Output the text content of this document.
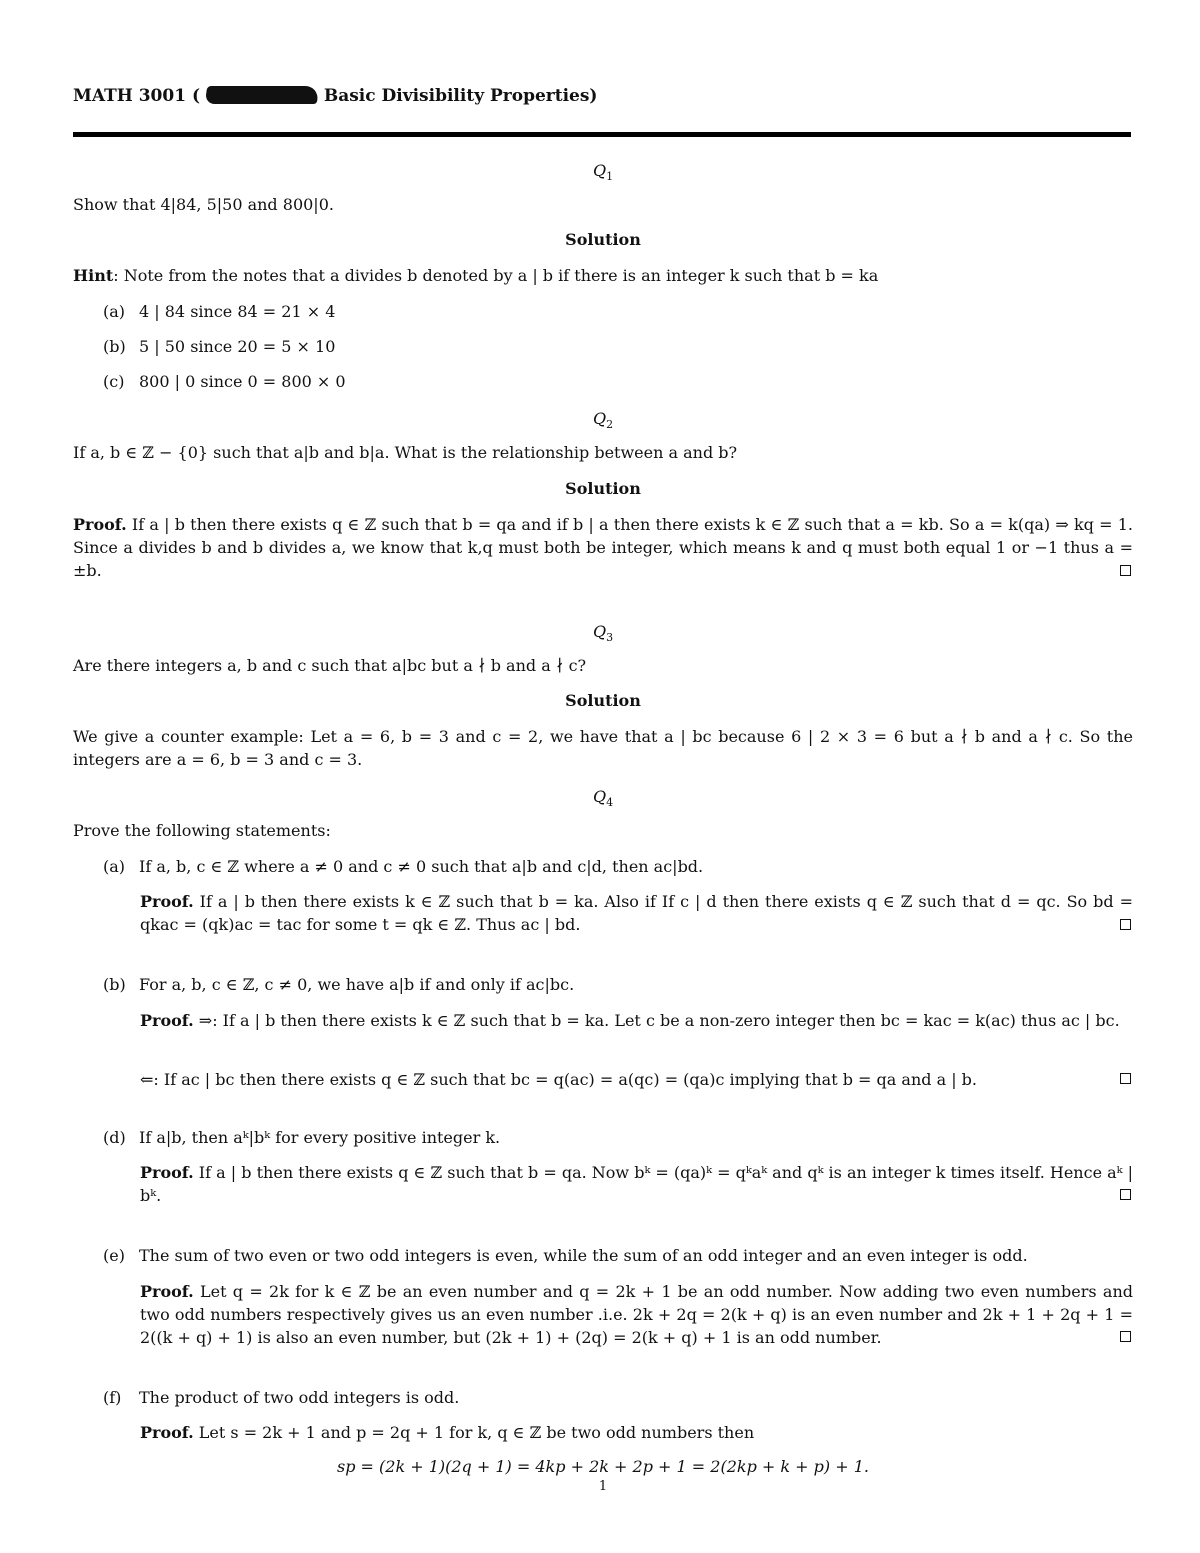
MATH 3001 (	Basic Divisibility Properties)
$Q_1$
Show that 4|84, 5|50 and 800|0.
Solution
Hint: Note from the notes that a divides b denoted by a | b if there is an integer k such that b = ka
(a) 4 | 84 since 84 = 21 × 4
(b) 5 | 50 since 20 = 5 × 10
(c) 800 | 0 since 0 = 800 × 0
$Q_2$
If a, b ∈ ℤ − {0} such that a|b and b|a. What is the relationship between a and b?
Solution
Proof. If a | b then there exists q ∈ ℤ such that b = qa and if b | a then there exists k ∈ ℤ such that a = kb. So a = k(qa) ⇒ kq = 1. Since a divides b and b divides a, we know that k,q must both be integer, which means k and q must both equal 1 or −1 thus a = ±b.
$Q_3$
Are there integers a, b and c such that a|bc but a ∤ b and a ∤ c?
Solution
We give a counter example: Let a = 6, b = 3 and c = 2, we have that a | bc because 6 | 2 × 3 = 6 but a ∤ b and a ∤ c. So the integers are a = 6, b = 3 and c = 3.
$Q_4$
Prove the following statements:
(a) If a, b, c ∈ ℤ where a ≠ 0 and c ≠ 0 such that a|b and c|d, then ac|bd.
Proof. If a | b then there exists k ∈ ℤ such that b = ka. Also if If c | d then there exists q ∈ ℤ such that d = qc. So bd = qkac = (qk)ac = tac for some t = qk ∈ ℤ. Thus ac | bd.
(b) For a, b, c ∈ ℤ, c ≠ 0, we have a|b if and only if ac|bc.
Proof. ⇒: If a | b then there exists k ∈ ℤ such that b = ka. Let c be a non-zero integer then bc = kac = k(ac) thus ac | bc.
⇐: If ac | bc then there exists q ∈ ℤ such that bc = q(ac) = a(qc) = (qa)c implying that b = qa and a | b.
(d) If a|b, then aᵏ|bᵏ for every positive integer k.
Proof. If a | b then there exists q ∈ ℤ such that b = qa. Now bᵏ = (qa)ᵏ = qᵏaᵏ and qᵏ is an integer k times itself. Hence aᵏ | bᵏ.
(e) The sum of two even or two odd integers is even, while the sum of an odd integer and an even integer is odd.
Proof. Let q = 2k for k ∈ ℤ be an even number and q = 2k + 1 be an odd number. Now adding two even numbers and two odd numbers respectively gives us an even number .i.e. 2k + 2q = 2(k + q) is an even number and 2k + 1 + 2q + 1 = 2((k + q) + 1) is also an even number, but (2k + 1) + (2q) = 2(k + q) + 1 is an odd number.
(f) The product of two odd integers is odd.
Proof. Let s = 2k + 1 and p = 2q + 1 for k, q ∈ ℤ be two odd numbers then
sp = (2k + 1)(2q + 1) = 4kp + 2k + 2p + 1 = 2(2kp + k + p) + 1.
1
